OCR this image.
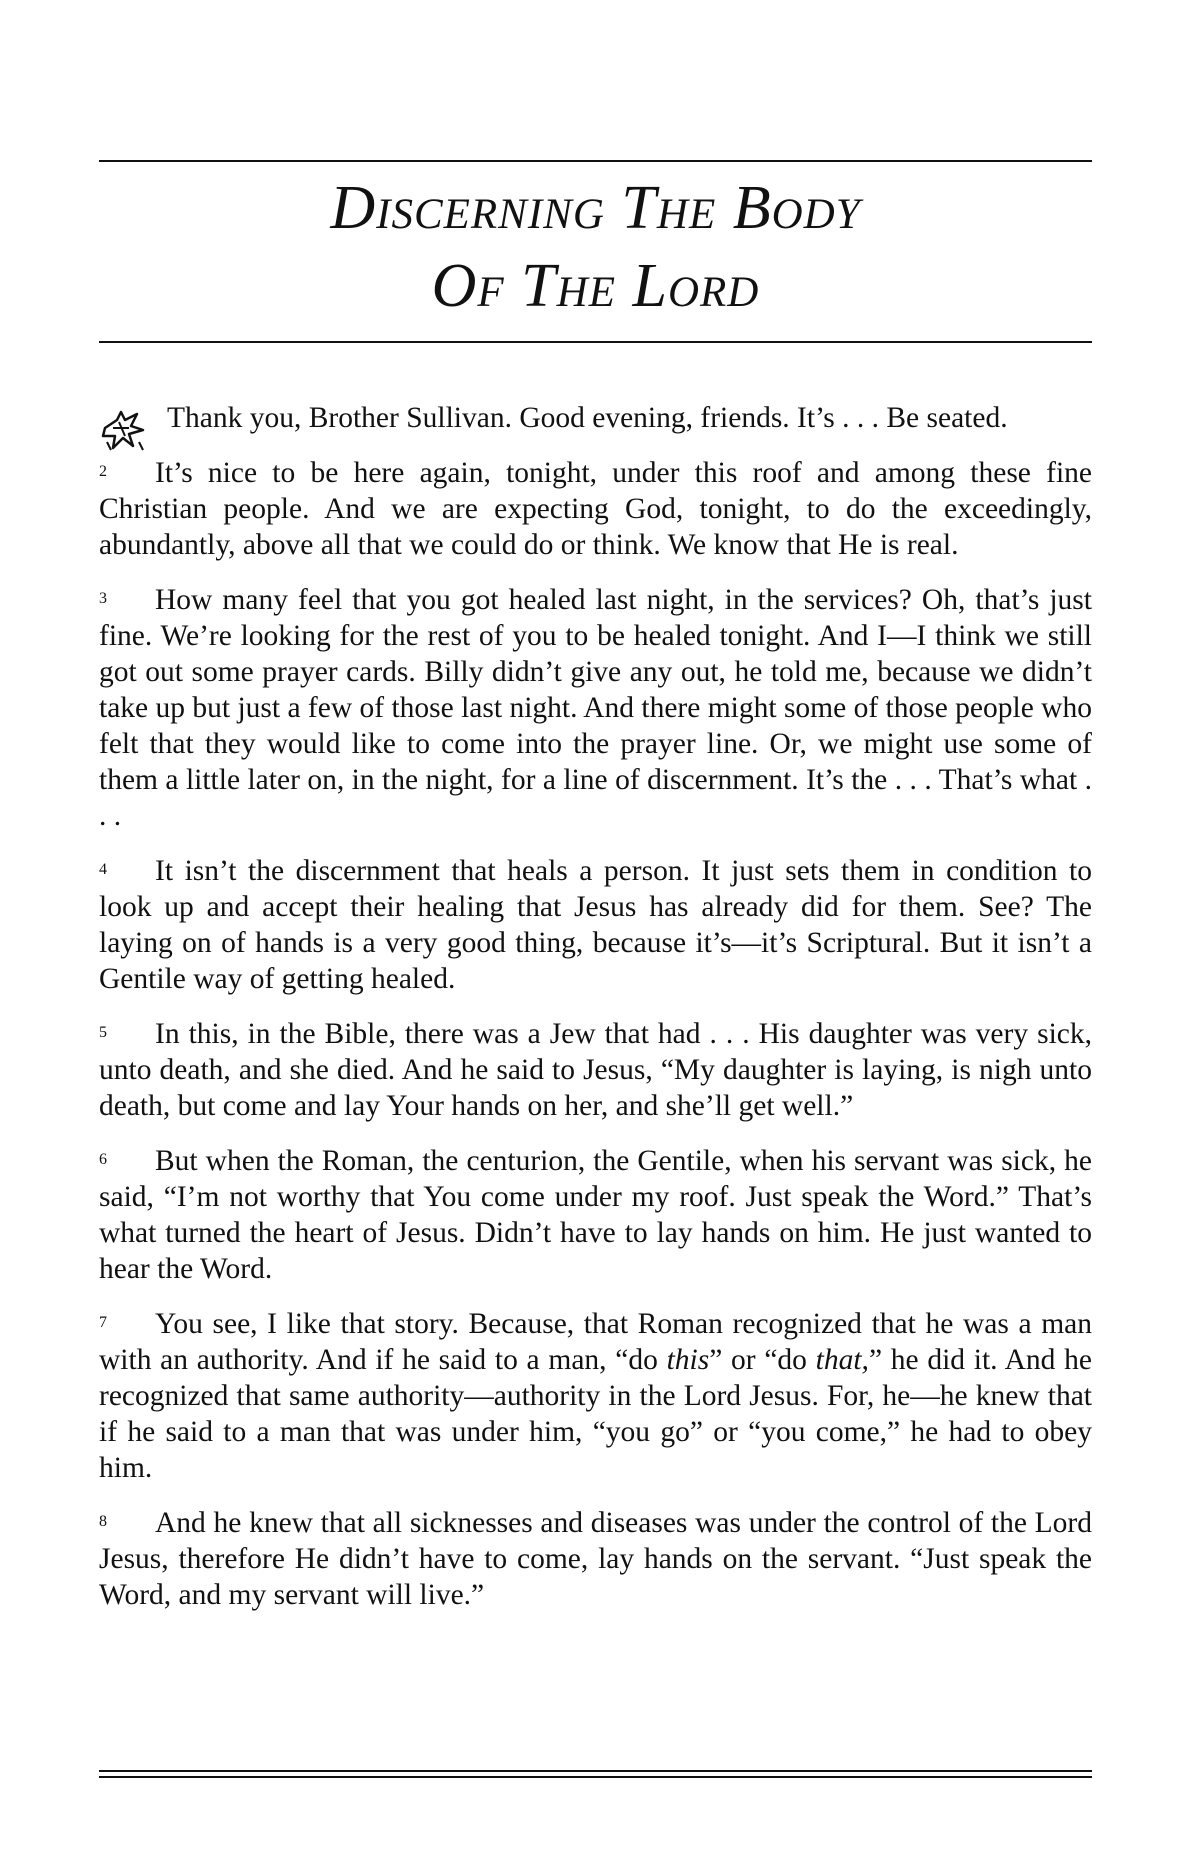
Discerning The Body
Of The Lord
Thank you, Brother Sullivan. Good evening, friends. It’s . . . Be seated.
2 It’s nice to be here again, tonight, under this roof and among these fine Christian people. And we are expecting God, tonight, to do the exceedingly, abundantly, above all that we could do or think. We know that He is real.
3 How many feel that you got healed last night, in the services? Oh, that’s just fine. We’re looking for the rest of you to be healed tonight. And I—I think we still got out some prayer cards. Billy didn’t give any out, he told me, because we didn’t take up but just a few of those last night. And there might some of those people who felt that they would like to come into the prayer line. Or, we might use some of them a little later on, in the night, for a line of discernment. It’s the . . . That’s what . . .
4 It isn’t the discernment that heals a person. It just sets them in condition to look up and accept their healing that Jesus has already did for them. See? The laying on of hands is a very good thing, because it’s—it’s Scriptural. But it isn’t a Gentile way of getting healed.
5 In this, in the Bible, there was a Jew that had . . . His daughter was very sick, unto death, and she died. And he said to Jesus, “My daughter is laying, is nigh unto death, but come and lay Your hands on her, and she’ll get well.”
6 But when the Roman, the centurion, the Gentile, when his servant was sick, he said, “I’m not worthy that You come under my roof. Just speak the Word.” That’s what turned the heart of Jesus. Didn’t have to lay hands on him. He just wanted to hear the Word.
7 You see, I like that story. Because, that Roman recognized that he was a man with an authority. And if he said to a man, “do this” or “do that,” he did it. And he recognized that same authority—authority in the Lord Jesus. For, he—he knew that if he said to a man that was under him, “you go” or “you come,” he had to obey him.
8 And he knew that all sicknesses and diseases was under the control of the Lord Jesus, therefore He didn’t have to come, lay hands on the servant. “Just speak the Word, and my servant will live.”
